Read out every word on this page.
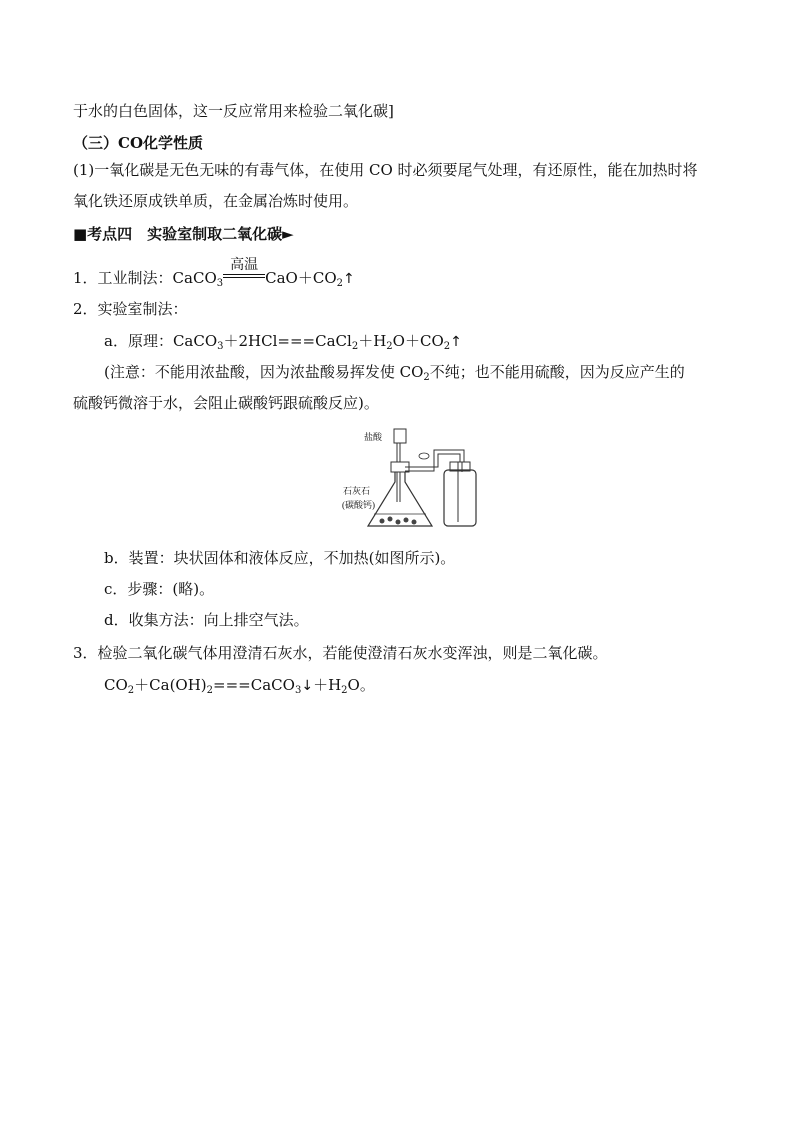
于水的白色固体，这一反应常用来检验二氧化碳]
（三）CO化学性质
(1)一氧化碳是无色无味的有毒气体，在使用 CO 时必须要尾气处理，有还原性，能在加热时将
氧化铁还原成铁单质，在金属冶炼时使用。
■考点四　实验室制取二氧化碳►
1．工业制法：CaCO$_3$
高温
$CaO+CO_2↑$
2．实验室制法：
a．原理：$CaCO_3+2HCl===CaCl_2+H_2O+CO_2↑$
(注意：不能用浓盐酸，因为浓盐酸易挥发使 $CO_2$不纯；也不能用硫酸，因为反应产生的
硫酸钙微溶于水，会阻止碳酸钙跟硫酸反应)。
盐酸
石灰石
(碳酸钙)
b．装置：块状固体和液体反应，不加热(如图所示)。
c．步骤：(略)。
d．收集方法：向上排空气法。
3．检验二氧化碳气体用澄清石灰水，若能使澄清石灰水变浑浊，则是二氧化碳。
$CO_2+Ca(OH)_2===CaCO_3↓+H_2O$。
